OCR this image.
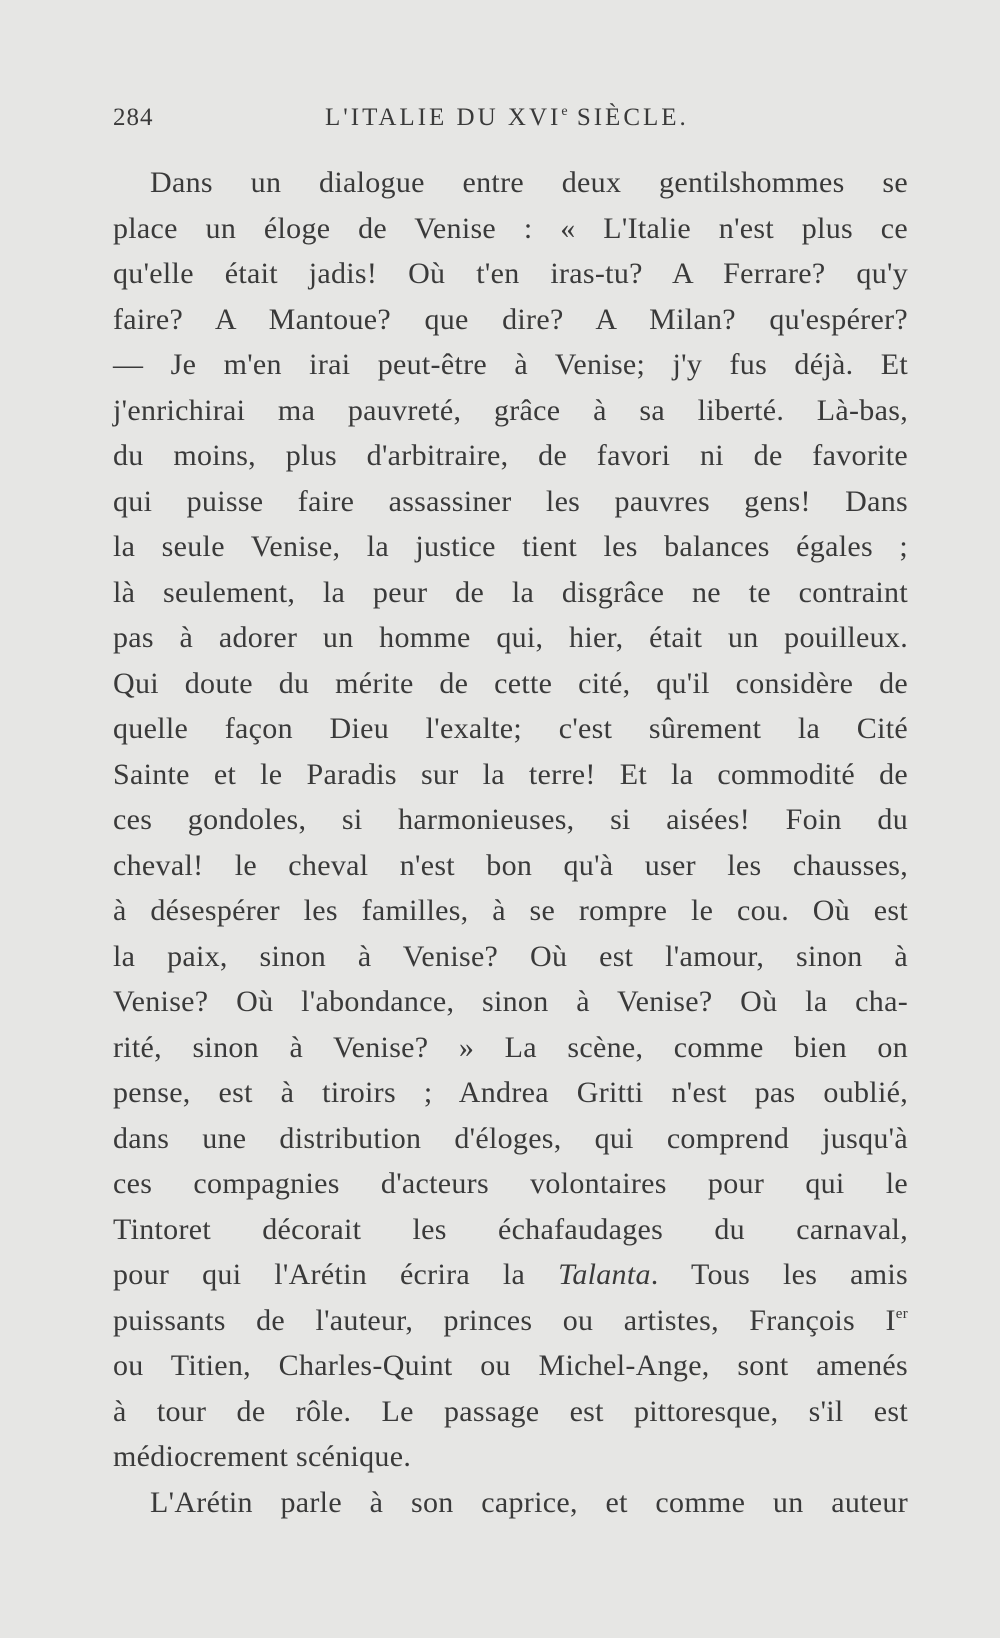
284	L'ITALIE DU XVIe SIÈCLE.
Dans un dialogue entre deux gentilshommes se
place un éloge de Venise : « L'Italie n'est plus ce
qu'elle était jadis! Où t'en iras-tu? A Ferrare? qu'y
faire? A Mantoue? que dire? A Milan? qu'espérer?
— Je m'en irai peut-être à Venise; j'y fus déjà. Et
j'enrichirai ma pauvreté, grâce à sa liberté. Là-bas,
du moins, plus d'arbitraire, de favori ni de favorite
qui puisse faire assassiner les pauvres gens! Dans
la seule Venise, la justice tient les balances égales ;
là seulement, la peur de la disgrâce ne te contraint
pas à adorer un homme qui, hier, était un pouilleux.
Qui doute du mérite de cette cité, qu'il considère de
quelle façon Dieu l'exalte; c'est sûrement la Cité
Sainte et le Paradis sur la terre! Et la commodité de
ces gondoles, si harmonieuses, si aisées! Foin du
cheval! le cheval n'est bon qu'à user les chausses,
à désespérer les familles, à se rompre le cou. Où est
la paix, sinon à Venise? Où est l'amour, sinon à
Venise? Où l'abondance, sinon à Venise? Où la cha-
rité, sinon à Venise? » La scène, comme bien on
pense, est à tiroirs ; Andrea Gritti n'est pas oublié,
dans une distribution d'éloges, qui comprend jusqu'à
ces compagnies d'acteurs volontaires pour qui le
Tintoret décorait les échafaudages du carnaval,
pour qui l'Arétin écrira la Talanta. Tous les amis
puissants de l'auteur, princes ou artistes, François Ier
ou Titien, Charles-Quint ou Michel-Ange, sont amenés
à tour de rôle. Le passage est pittoresque, s'il est
médiocrement scénique.
L'Arétin parle à son caprice, et comme un auteur
